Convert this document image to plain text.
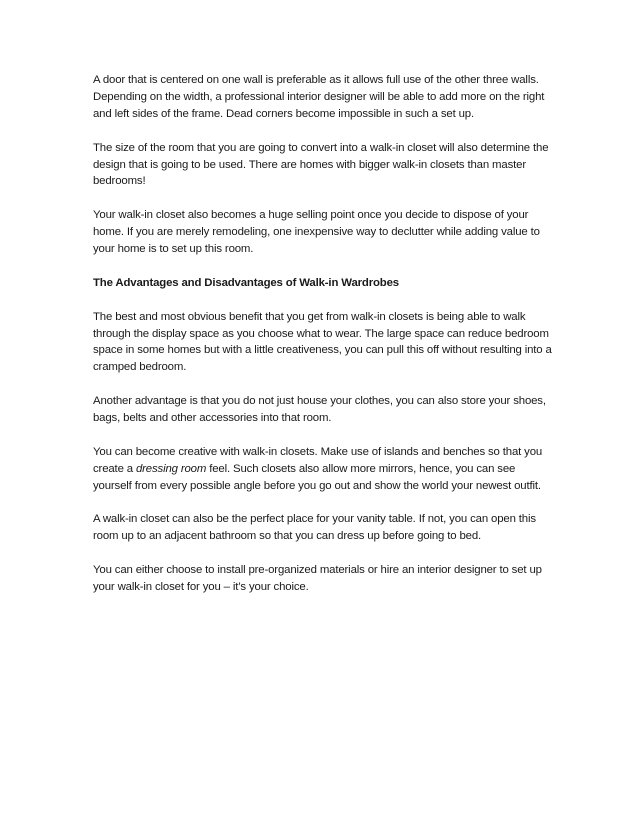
A door that is centered on one wall is preferable as it allows full use of the other three walls. Depending on the width, a professional interior designer will be able to add more on the right and left sides of the frame. Dead corners become impossible in such a set up.

The size of the room that you are going to convert into a walk-in closet will also determine the design that is going to be used. There are homes with bigger walk-in closets than master bedrooms!

Your walk-in closet also becomes a huge selling point once you decide to dispose of your home. If you are merely remodeling, one inexpensive way to declutter while adding value to your home is to set up this room.

The Advantages and Disadvantages of Walk-in Wardrobes

The best and most obvious benefit that you get from walk-in closets is being able to walk through the display space as you choose what to wear. The large space can reduce bedroom space in some homes but with a little creativeness, you can pull this off without resulting into a cramped bedroom.

Another advantage is that you do not just house your clothes, you can also store your shoes, bags, belts and other accessories into that room.

You can become creative with walk-in closets. Make use of islands and benches so that you create a dressing room feel. Such closets also allow more mirrors, hence, you can see yourself from every possible angle before you go out and show the world your newest outfit.

A walk-in closet can also be the perfect place for your vanity table. If not, you can open this room up to an adjacent bathroom so that you can dress up before going to bed.

You can either choose to install pre-organized materials or hire an interior designer to set up your walk-in closet for you – it’s your choice.
